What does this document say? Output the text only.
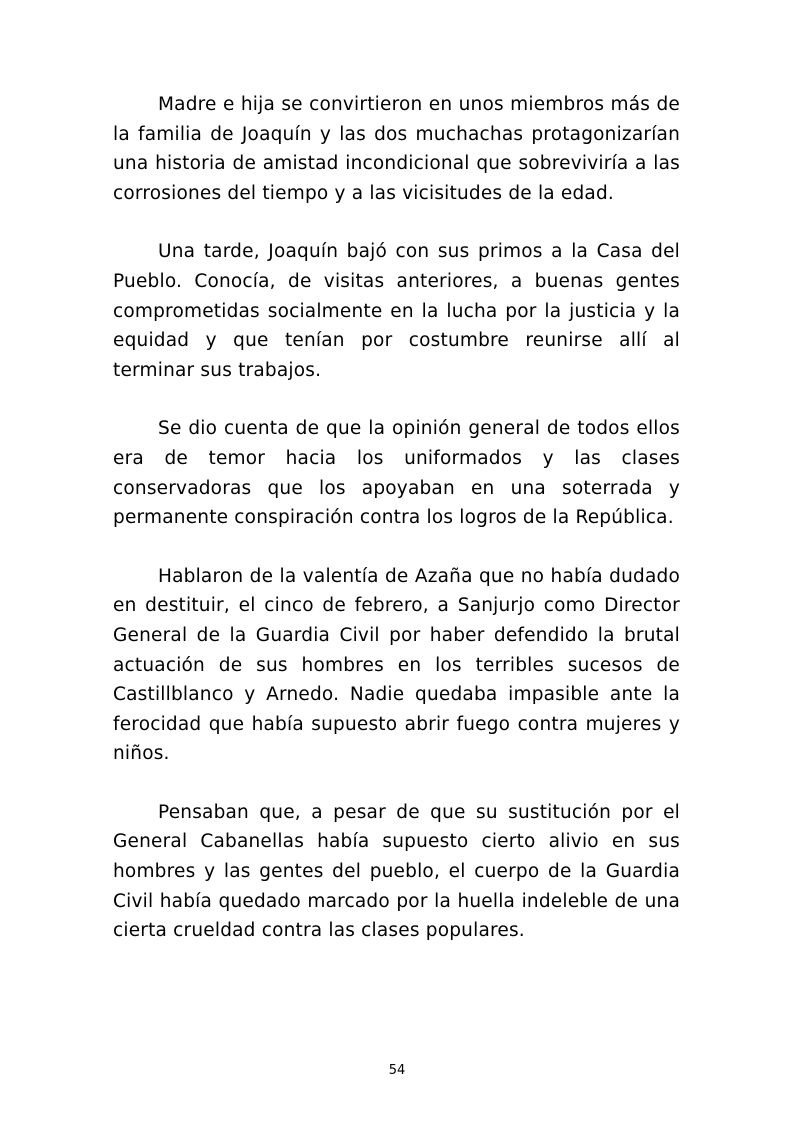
Madre e hija se convirtieron en unos miembros más de la familia de Joaquín y las dos muchachas protagonizarían una historia de amistad incondicional que sobreviviría a las corrosiones del tiempo y a las vicisitudes de la edad.

Una tarde, Joaquín bajó con sus primos a la Casa del Pueblo. Conocía, de visitas anteriores, a buenas gentes comprometidas socialmente en la lucha por la justicia y la equidad y que tenían por costumbre reunirse allí al terminar sus trabajos.

Se dio cuenta de que la opinión general de todos ellos era de temor hacia los uniformados y las clases conservadoras que los apoyaban en una soterrada y permanente conspiración contra los logros de la República.

Hablaron de la valentía de Azaña que no había dudado en destituir, el cinco de febrero, a Sanjurjo como Director General de la Guardia Civil por haber defendido la brutal actuación de sus hombres en los terribles sucesos de Castillblanco y Arnedo. Nadie quedaba impasible ante la ferocidad que había supuesto abrir fuego contra mujeres y niños.

Pensaban que, a pesar de que su sustitución por el General Cabanellas había supuesto cierto alivio en sus hombres y las gentes del pueblo, el cuerpo de la Guardia Civil había quedado marcado por la huella indeleble de una cierta crueldad contra las clases populares.

54
